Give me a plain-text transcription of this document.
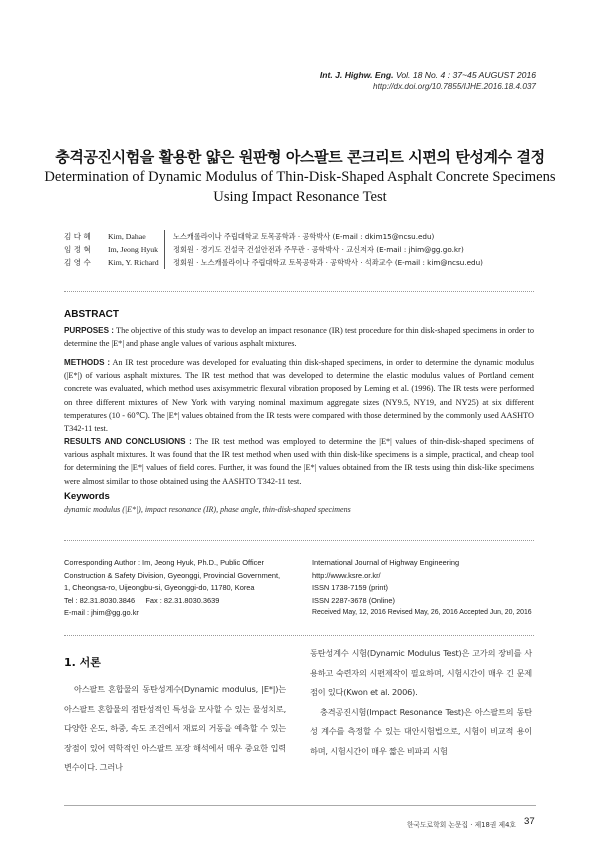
Int. J. Highw. Eng. Vol. 18 No. 4 : 37~45 AUGUST 2016
http://dx.doi.org/10.7855/IJHE.2016.18.4.037
충격공진시험을 활용한 얇은 원판형 아스팔트 콘크리트 시편의 탄성계수 결정
Determination of Dynamic Modulus of Thin-Disk-Shaped Asphalt Concrete Specimens
Using Impact Resonance Test
김 다 혜	Kim, Dahae	노스캐롤라이나 주립대학교 토목공학과 · 공학박사 (E-mail : dkim15@ncsu.edu)
임 정 혁	Im, Jeong Hyuk	정회원 · 경기도 건설국 건설안전과 주무관 · 공학박사 · 교신저자 (E-mail : jhim@gg.go.kr)
김 영 수	Kim, Y. Richard	정회원 · 노스캐롤라이나 주립대학교 토목공학과 · 공학박사 · 석좌교수 (E-mail : kim@ncsu.edu)
ABSTRACT
PURPOSES : The objective of this study was to develop an impact resonance (IR) test procedure for thin disk-shaped specimens in order to determine the |E*| and phase angle values of various asphalt mixtures.
METHODS : An IR test procedure was developed for evaluating thin disk-shaped specimens, in order to determine the dynamic modulus (|E*|) of various asphalt mixtures. The IR test method that was developed to determine the elastic modulus values of Portland cement concrete was evaluated, which method uses axisymmetric flexural vibration proposed by Leming et al. (1996). The IR tests were performed on three different mixtures of New York with varying nominal maximum aggregate sizes (NY9.5, NY19, and NY25) at six different temperatures (10 - 60℃). The |E*| values obtained from the IR tests were compared with those determined by the commonly used AASHTO T342-11 test.
RESULTS AND CONCLUSIONS : The IR test method was employed to determine the |E*| values of thin-disk-shaped specimens of various asphalt mixtures. It was found that the IR test method when used with thin disk-like specimens is a simple, practical, and cheap tool for determining the |E*| values of field cores. Further, it was found the |E*| values obtained from the IR tests using thin disk-like specimens were almost similar to those obtained using the AASHTO T342-11 test.
Keywords
dynamic modulus (|E*|), impact resonance (IR), phase angle, thin-disk-shaped specimens
Corresponding Author : Im, Jeong Hyuk, Ph.D., Public Officer
Construction & Safety Division, Gyeonggi, Provincial Government,
1, Cheongsa-ro, Uijeongbu-si, Gyeonggi-do, 11780, Korea
Tel : 82.31.8030.3846     Fax : 82.31.8030.3639
E-mail : jhim@gg.go.kr
International Journal of Highway Engineering
http://www.ksre.or.kr/
ISSN 1738-7159 (print)
ISSN 2287-3678 (Online)
Received May, 12, 2016 Revised May, 26, 2016 Accepted Jun, 20, 2016
1. 서론

아스팔트 혼합물의 동탄성계수(Dynamic modulus, |E*|)는 아스팔트 혼합물의 점탄성적인 특성을 모사할 수 있는 물성치로, 다양한 온도, 하중, 속도 조건에서 재료의 거동을 예측할 수 있는 장점이 있어 역학적인 아스팔트 포장 해석에서 매우 중요한 입력변수이다. 그러나

동탄성계수 시험(Dynamic Modulus Test)은 고가의 장비를 사용하고 숙련자의 시편제작이 필요하며, 시험시간이 매우 긴 문제점이 있다(Kwon et al. 2006).

충격공진시험(Impact Resonance Test)은 아스팔트의 동탄성 계수를 측정할 수 있는 대안시험법으로, 시험이 비교적 용이하며, 시험시간이 매우 짧은 비파괴 시험

한국도로학회 논문집 · 제18권 제4호 37
